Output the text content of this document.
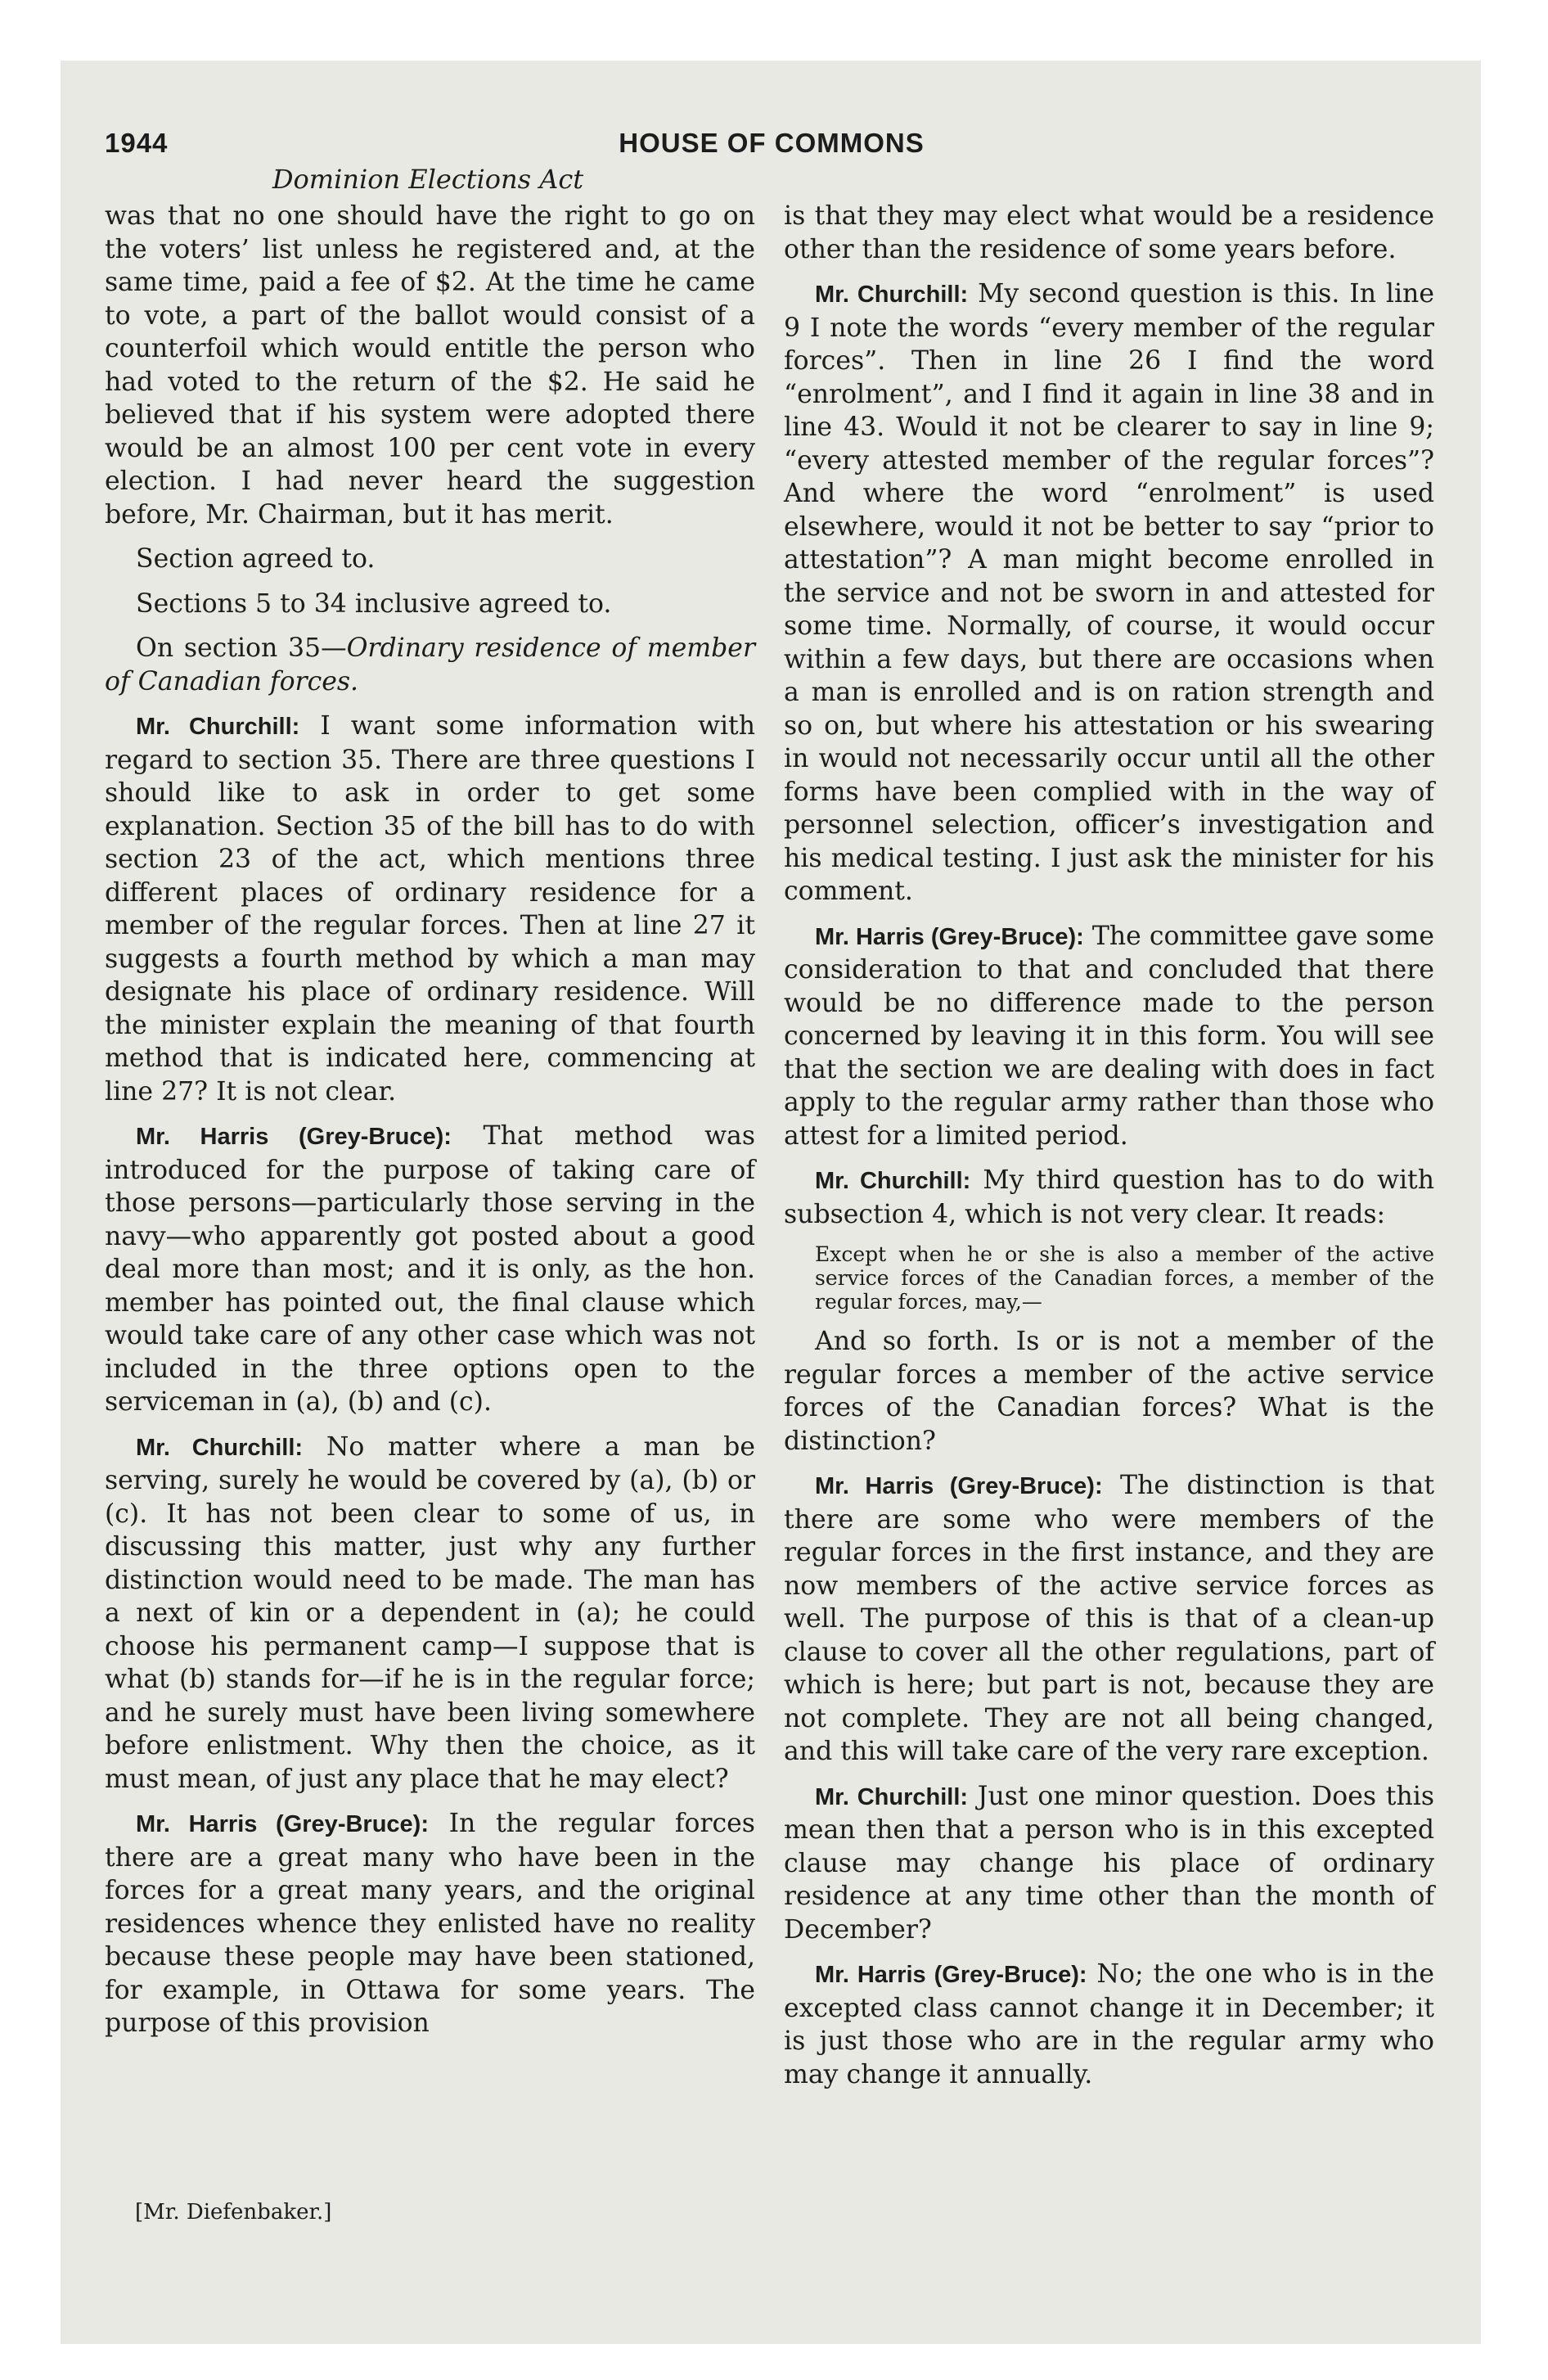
1944	HOUSE OF COMMONS
Dominion Elections Act

was that no one should have the right to go on the voters’ list unless he registered and, at the same time, paid a fee of $2. At the time he came to vote, a part of the ballot would consist of a counterfoil which would entitle the person who had voted to the return of the $2. He said he believed that if his system were adopted there would be an almost 100 per cent vote in every election. I had never heard the suggestion before, Mr. Chairman, but it has merit.

Section agreed to.

Sections 5 to 34 inclusive agreed to.

On section 35—Ordinary residence of member of Canadian forces.

Mr. Churchill: I want some information with regard to section 35. There are three questions I should like to ask in order to get some explanation. Section 35 of the bill has to do with section 23 of the act, which mentions three different places of ordinary residence for a member of the regular forces. Then at line 27 it suggests a fourth method by which a man may designate his place of ordinary residence. Will the minister explain the meaning of that fourth method that is indicated here, commencing at line 27? It is not clear.

Mr. Harris (Grey-Bruce): That method was introduced for the purpose of taking care of those persons—particularly those serving in the navy—who apparently got posted about a good deal more than most; and it is only, as the hon. member has pointed out, the final clause which would take care of any other case which was not included in the three options open to the serviceman in (a), (b) and (c).

Mr. Churchill: No matter where a man be serving, surely he would be covered by (a), (b) or (c). It has not been clear to some of us, in discussing this matter, just why any further distinction would need to be made. The man has a next of kin or a dependent in (a); he could choose his permanent camp—I suppose that is what (b) stands for—if he is in the regular force; and he surely must have been living somewhere before enlistment. Why then the choice, as it must mean, of just any place that he may elect?

Mr. Harris (Grey-Bruce): In the regular forces there are a great many who have been in the forces for a great many years, and the original residences whence they enlisted have no reality because these people may have been stationed, for example, in Ottawa for some years. The purpose of this provision

is that they may elect what would be a residence other than the residence of some years before.

Mr. Churchill: My second question is this. In line 9 I note the words “every member of the regular forces”. Then in line 26 I find the word “enrolment”, and I find it again in line 38 and in line 43. Would it not be clearer to say in line 9; “every attested member of the regular forces”? And where the word “enrolment” is used elsewhere, would it not be better to say “prior to attestation”? A man might become enrolled in the service and not be sworn in and attested for some time. Normally, of course, it would occur within a few days, but there are occasions when a man is enrolled and is on ration strength and so on, but where his attestation or his swearing in would not necessarily occur until all the other forms have been complied with in the way of personnel selection, officer’s investigation and his medical testing. I just ask the minister for his comment.

Mr. Harris (Grey-Bruce): The committee gave some consideration to that and concluded that there would be no difference made to the person concerned by leaving it in this form. You will see that the section we are dealing with does in fact apply to the regular army rather than those who attest for a limited period.

Mr. Churchill: My third question has to do with subsection 4, which is not very clear. It reads:

Except when he or she is also a member of the active service forces of the Canadian forces, a member of the regular forces, may,—

And so forth. Is or is not a member of the regular forces a member of the active service forces of the Canadian forces? What is the distinction?

Mr. Harris (Grey-Bruce): The distinction is that there are some who were members of the regular forces in the first instance, and they are now members of the active service forces as well. The purpose of this is that of a clean-up clause to cover all the other regulations, part of which is here; but part is not, because they are not complete. They are not all being changed, and this will take care of the very rare exception.

Mr. Churchill: Just one minor question. Does this mean then that a person who is in this excepted clause may change his place of ordinary residence at any time other than the month of December?

Mr. Harris (Grey-Bruce): No; the one who is in the excepted class cannot change it in December; it is just those who are in the regular army who may change it annually.

[Mr. Diefenbaker.]
